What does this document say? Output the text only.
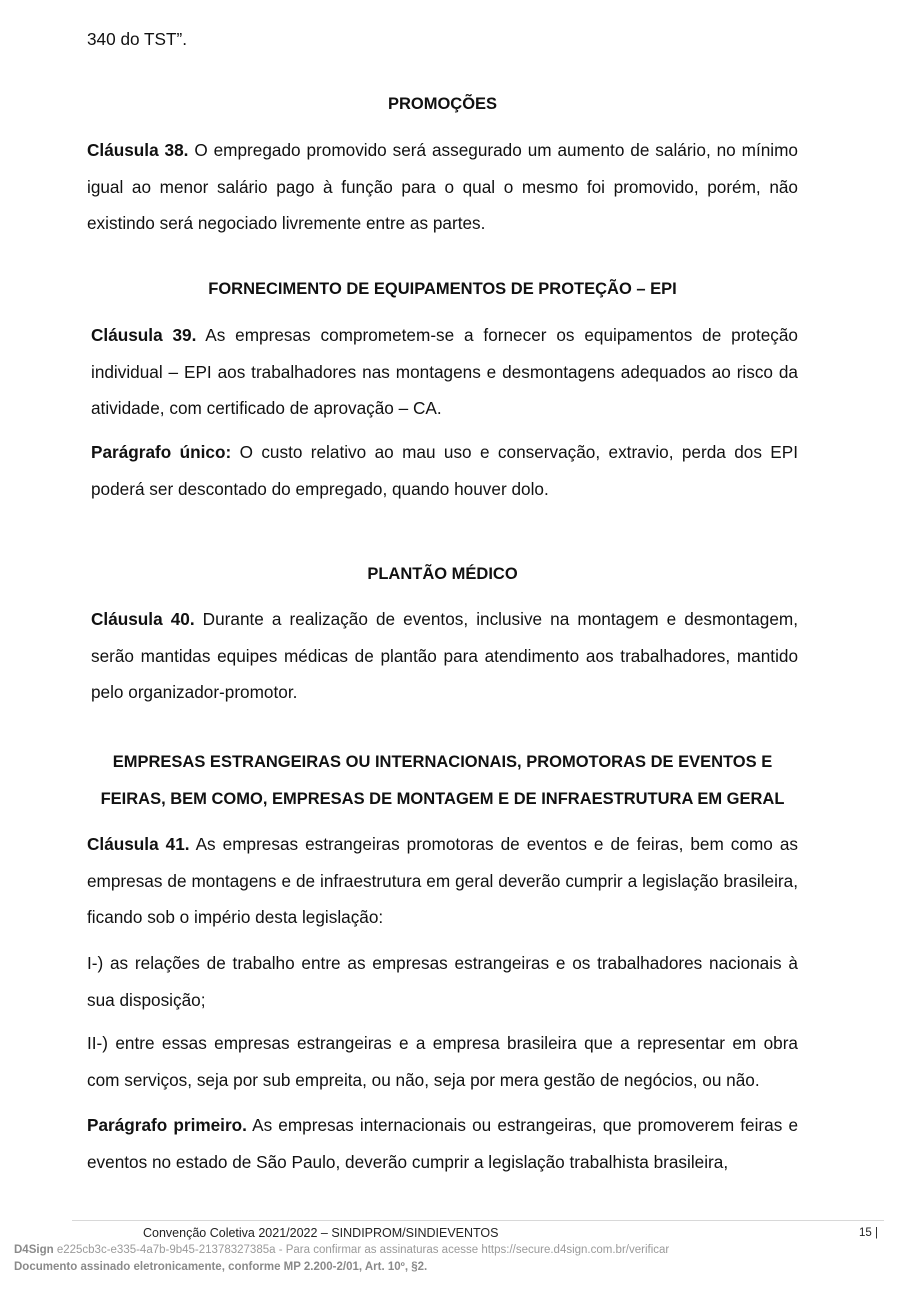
340 do TST”.

PROMOÇÕES

Cláusula 38. O empregado promovido será assegurado um aumento de salário, no mínimo igual ao menor salário pago à função para o qual o mesmo foi promovido, porém, não existindo será negociado livremente entre as partes.

FORNECIMENTO DE EQUIPAMENTOS DE PROTEÇÃO – EPI

Cláusula 39. As empresas comprometem-se a fornecer os equipamentos de proteção individual – EPI aos trabalhadores nas montagens e desmontagens adequados ao risco da atividade, com certificado de aprovação – CA.

Parágrafo único: O custo relativo ao mau uso e conservação, extravio, perda dos EPI poderá ser descontado do empregado, quando houver dolo.

PLANTÃO MÉDICO

Cláusula 40. Durante a realização de eventos, inclusive na montagem e desmontagem, serão mantidas equipes médicas de plantão para atendimento aos trabalhadores, mantido pelo organizador-promotor.

EMPRESAS ESTRANGEIRAS OU INTERNACIONAIS, PROMOTORAS DE EVENTOS E
FEIRAS, BEM COMO, EMPRESAS DE MONTAGEM E DE INFRAESTRUTURA EM GERAL

Cláusula 41. As empresas estrangeiras promotoras de eventos e de feiras, bem como as empresas de montagens e de infraestrutura em geral deverão cumprir a legislação brasileira, ficando sob o império desta legislação:

I-) as relações de trabalho entre as empresas estrangeiras e os trabalhadores nacionais à sua disposição;

II-) entre essas empresas estrangeiras e a empresa brasileira que a representar em obra com serviços, seja por sub empreita, ou não, seja por mera gestão de negócios, ou não.

Parágrafo primeiro. As empresas internacionais ou estrangeiras, que promoverem feiras e eventos no estado de São Paulo, deverão cumprir a legislação trabalhista brasileira,

Convenção Coletiva 2021/2022 – SINDIPROM/SINDIEVENTOS	15 |
D4Sign e225cb3c-e335-4a7b-9b45-21378327385a - Para confirmar as assinaturas acesse https://secure.d4sign.com.br/verificar
Documento assinado eletronicamente, conforme MP 2.200-2/01, Art. 10º, §2.
